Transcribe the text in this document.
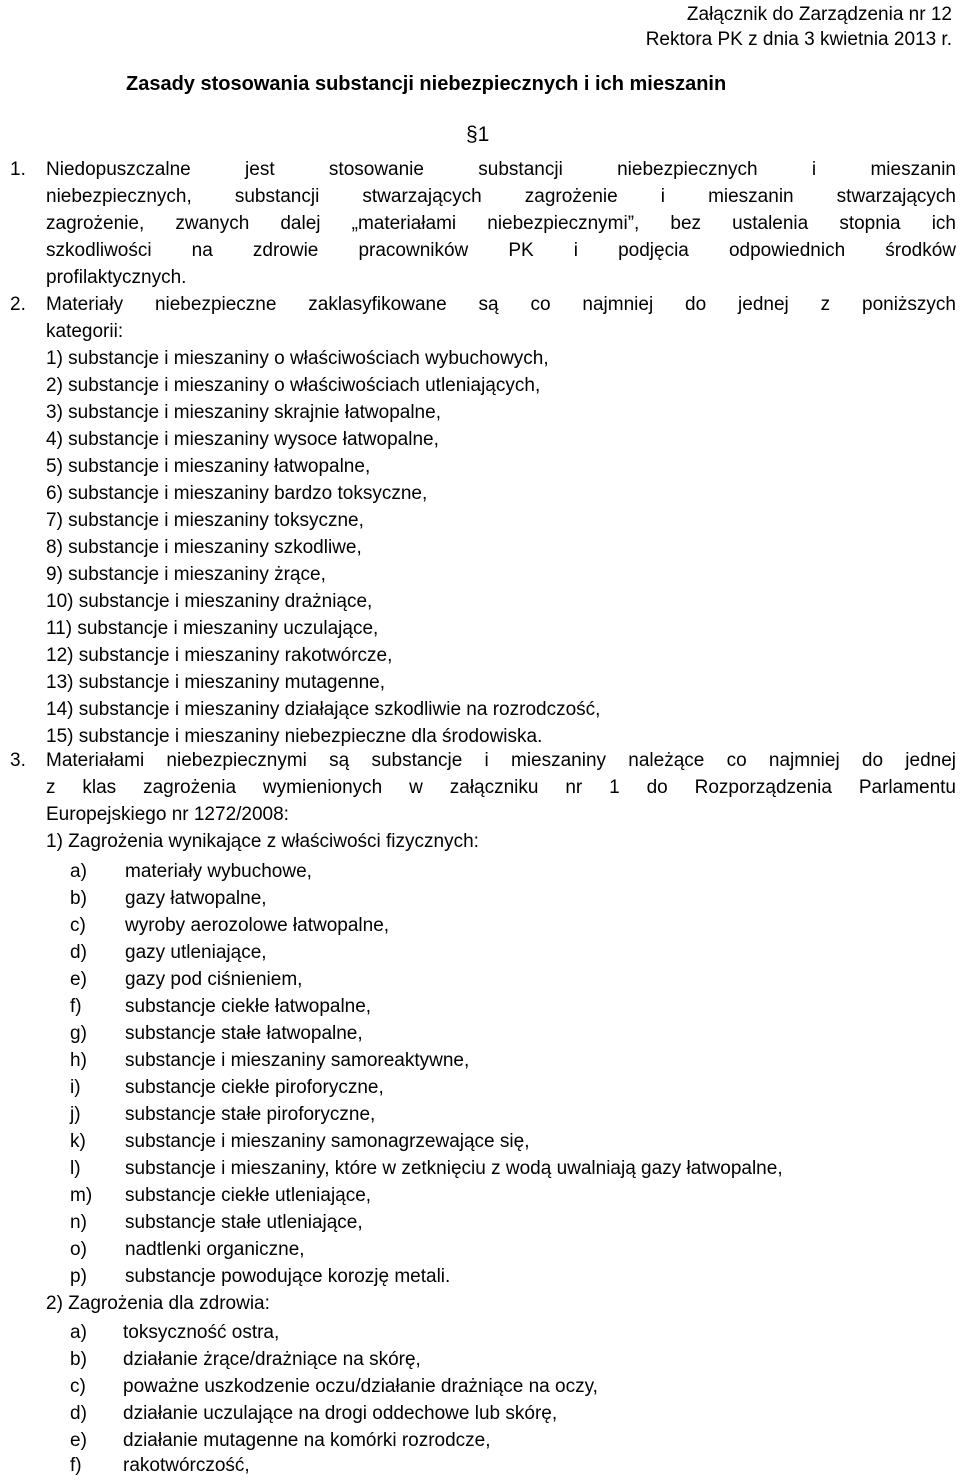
Załącznik do Zarządzenia nr 12
Rektora PK z dnia 3 kwietnia 2013 r.
Zasady stosowania substancji niebezpiecznych i ich mieszanin
§1
1. Niedopuszczalne jest stosowanie substancji niebezpiecznych i mieszanin
niebezpiecznych, substancji stwarzających zagrożenie i mieszanin stwarzających
zagrożenie, zwanych dalej „materiałami niebezpiecznymi”, bez ustalenia stopnia ich
szkodliwości na zdrowie pracowników PK i podjęcia odpowiednich środków
profilaktycznych.
2. Materiały niebezpieczne zaklasyfikowane są co najmniej do jednej z poniższych
kategorii:
1) substancje i mieszaniny o właściwościach wybuchowych,
2) substancje i mieszaniny o właściwościach utleniających,
3) substancje i mieszaniny skrajnie łatwopalne,
4) substancje i mieszaniny wysoce łatwopalne,
5) substancje i mieszaniny łatwopalne,
6) substancje i mieszaniny bardzo toksyczne,
7) substancje i mieszaniny toksyczne,
8) substancje i mieszaniny szkodliwe,
9) substancje i mieszaniny żrące,
10) substancje i mieszaniny drażniące,
11) substancje i mieszaniny uczulające,
12) substancje i mieszaniny rakotwórcze,
13) substancje i mieszaniny mutagenne,
14) substancje i mieszaniny działające szkodliwie na rozrodczość,
15) substancje i mieszaniny niebezpieczne dla środowiska.
3. Materiałami niebezpiecznymi są substancje i mieszaniny należące co najmniej do jednej
z klas zagrożenia wymienionych w załączniku nr 1 do Rozporządzenia Parlamentu
Europejskiego nr 1272/2008:
1) Zagrożenia wynikające z właściwości fizycznych:
a) materiały wybuchowe,
b) gazy łatwopalne,
c) wyroby aerozolowe łatwopalne,
d) gazy utleniające,
e) gazy pod ciśnieniem,
f) substancje ciekłe łatwopalne,
g) substancje stałe łatwopalne,
h) substancje i mieszaniny samoreaktywne,
i) substancje ciekłe piroforyczne,
j) substancje stałe piroforyczne,
k) substancje i mieszaniny samonagrzewające się,
l) substancje i mieszaniny, które w zetknięciu z wodą uwalniają gazy łatwopalne,
m) substancje ciekłe utleniające,
n) substancje stałe utleniające,
o) nadtlenki organiczne,
p) substancje powodujące korozję metali.
2) Zagrożenia dla zdrowia:
a) toksyczność ostra,
b) działanie żrące/drażniące na skórę,
c) poważne uszkodzenie oczu/działanie drażniące na oczy,
d) działanie uczulające na drogi oddechowe lub skórę,
e) działanie mutagenne na komórki rozrodcze,
f) rakotwórczość,
